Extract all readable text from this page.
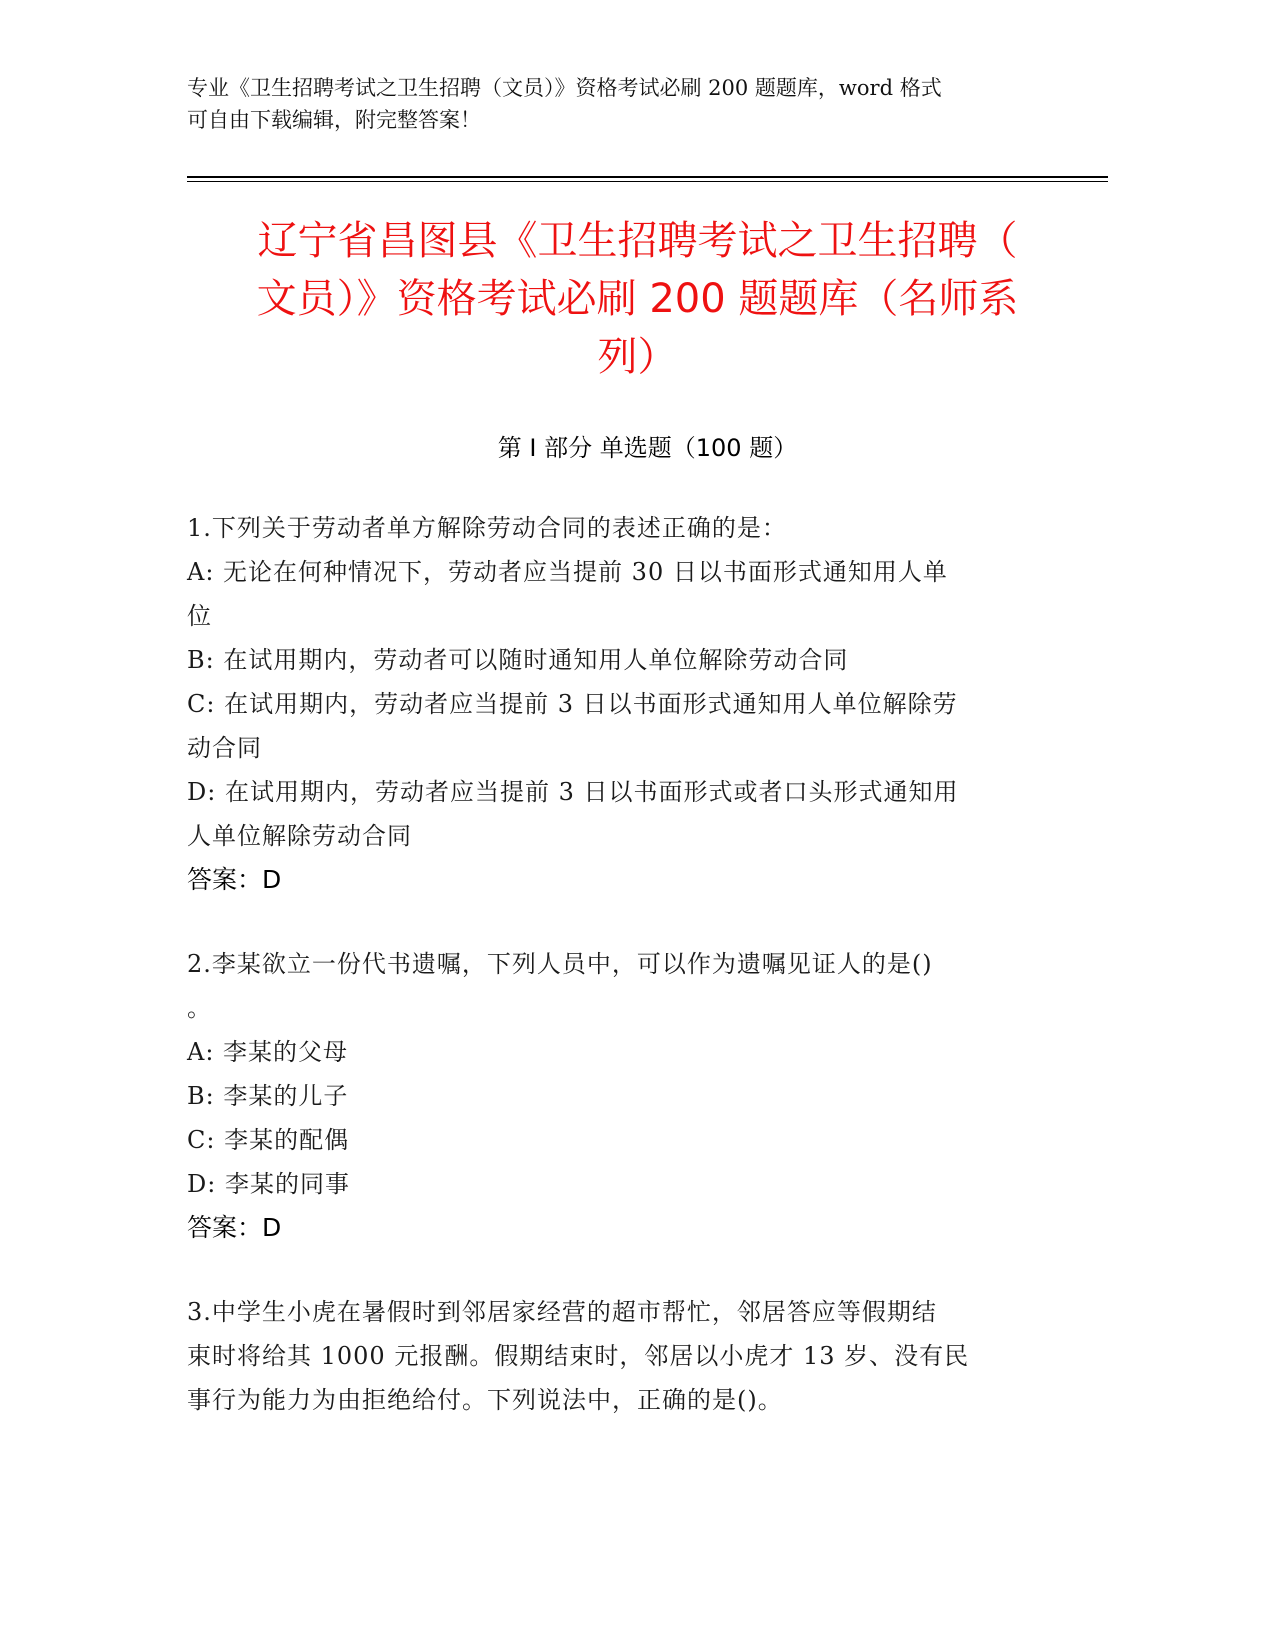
专业《卫生招聘考试之卫生招聘（文员）》资格考试必刷 200 题题库，word 格式
可自由下载编辑，附完整答案！
辽宁省昌图县《卫生招聘考试之卫生招聘（
文员）》资格考试必刷 200 题题库（名师系
列）
第 I 部分 单选题（100 题）
1.下列关于劳动者单方解除劳动合同的表述正确的是：
A: 无论在何种情况下，劳动者应当提前 30 日以书面形式通知用人单
位
B: 在试用期内，劳动者可以随时通知用人单位解除劳动合同
C: 在试用期内，劳动者应当提前 3 日以书面形式通知用人单位解除劳
动合同
D: 在试用期内，劳动者应当提前 3 日以书面形式或者口头形式通知用
人单位解除劳动合同
答案：D
2.李某欲立一份代书遗嘱，下列人员中，可以作为遗嘱见证人的是()
。
A: 李某的父母
B: 李某的儿子
C: 李某的配偶
D: 李某的同事
答案：D
3.中学生小虎在暑假时到邻居家经营的超市帮忙，邻居答应等假期结
束时将给其 1000 元报酬。假期结束时，邻居以小虎才 13 岁、没有民
事行为能力为由拒绝给付。下列说法中，正确的是()。
